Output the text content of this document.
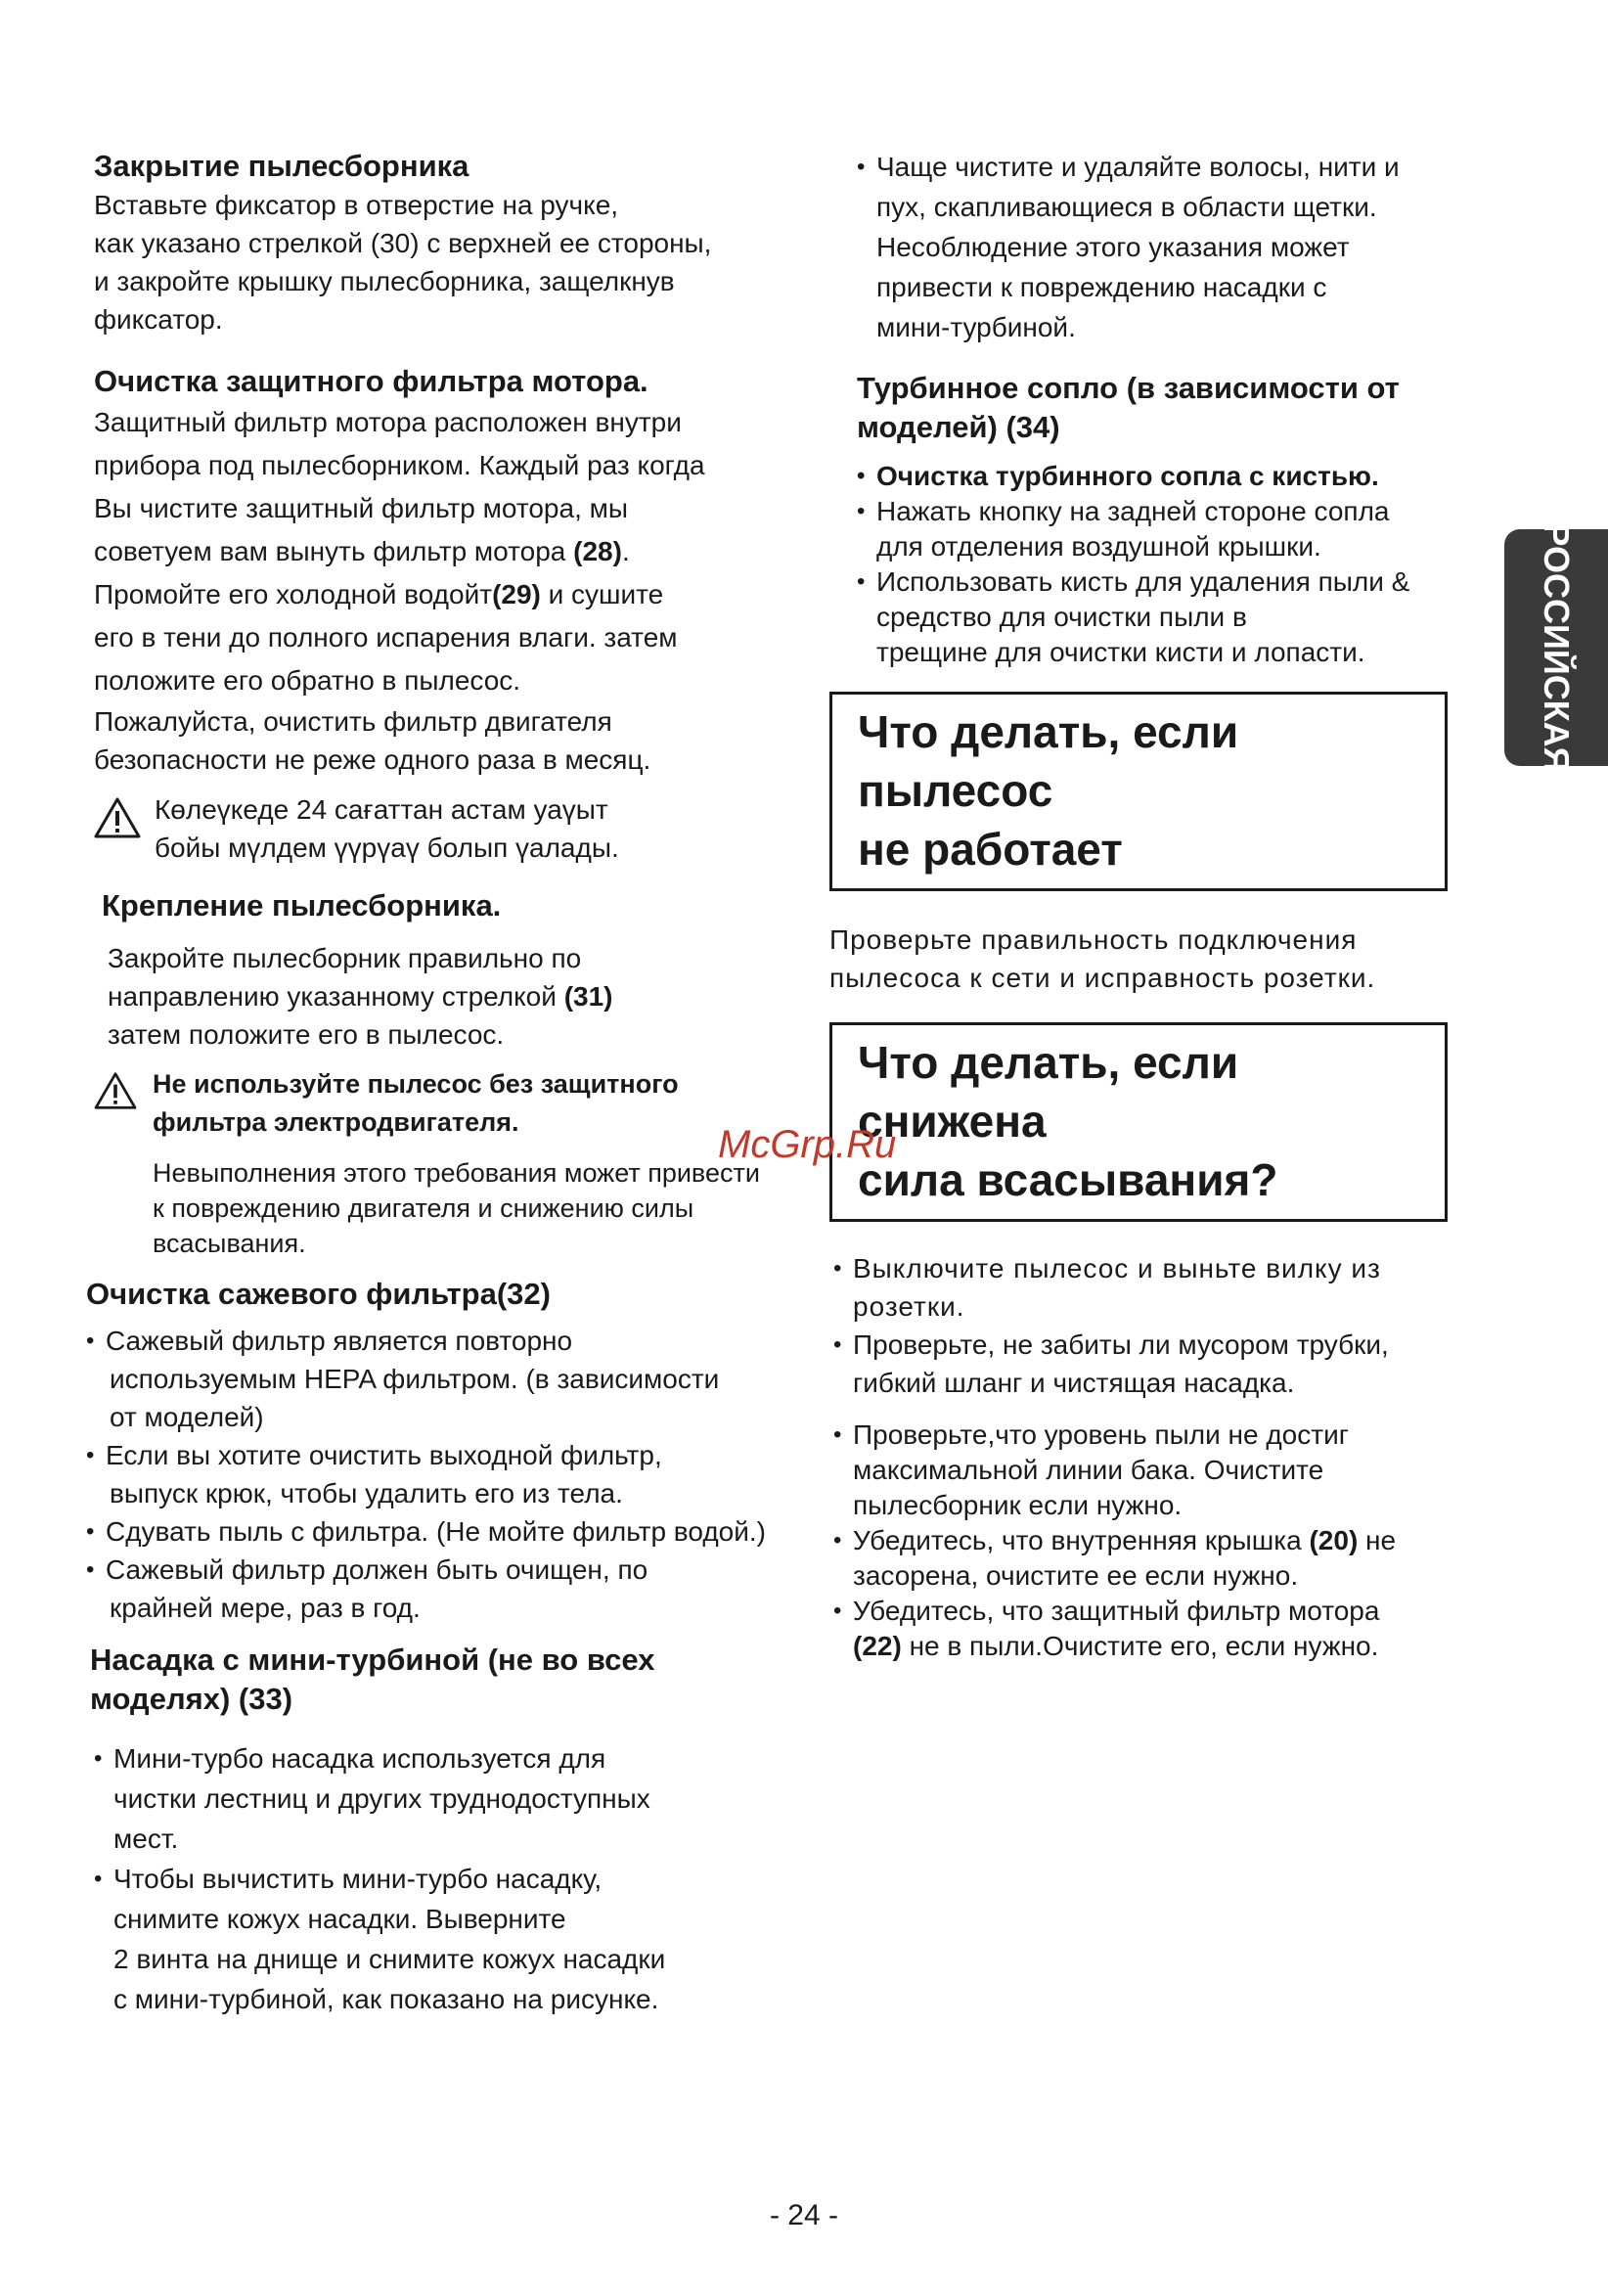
Закрытие пылесборника
Вставьте фиксатор в отверстие на ручке,
как указано стрелкой (30) с верхней ее стороны,
и закройте крышку пылесборника, защелкнув
фиксатор.
Очистка защитного фильтра мотора.
Защитный фильтр мотора расположен внутри
прибора под пылесборником. Каждый раз когда
Вы чистите защитный фильтр мотора, мы
советуем вам вынуть фильтр мотора (28).
Промойте его холодной водойт(29) и сушите
его в тени до полного испарения влаги. затем
положите его обратно в пылесос.
Пожалуйста, очистить фильтр двигателя
безопасности не реже одного раза в месяц.
Көлеүкеде 24 сағаттан астам уаүыт
бойы мүлдем үүрүаү болып үалады.
Крепление пылесборника.
Закройте пылесборник правильно по
направлению указанному стрелкой (31)
затем положите его в пылесос.
Не используйте пылесос без защитного
фильтра электродвигателя.
Невыполнения этого требования может привести
к повреждению двигателя и снижению силы
всасывания.
Очистка сажевого фильтра(32)
• Сажевый фильтр является повторно
используемым HEPA фильтром. (в зависимости
от моделей)
• Если вы хотите очистить выходной фильтр,
выпуск крюк, чтобы удалить его из тела.
• Сдувать пыль с фильтра. (Не мойте фильтр водой.)
• Сажевый фильтр должен быть очищен, по
крайней мере, раз в год.
Насадка с мини-турбиной (не во всех
моделях) (33)
• Мини-турбо насадка используется для
чистки лестниц и других труднодоступных
мест.
• Чтобы вычистить мини-турбо насадку,
снимите кожух насадки. Выверните
2 винта на днище и снимите кожух насадки
с мини-турбиной, как показано на рисунке.
• Чаще чистите и удаляйте волосы, нити и
пух, скапливающиеся в области щетки.
Несоблюдение этого указания может
привести к повреждению насадки с
мини-турбиной.
Турбинное сопло (в зависимости от
моделей) (34)
• Очистка турбинного сопла с кистью.
• Нажать кнопку на задней стороне сопла
для отделения воздушной крышки.
• Использовать кисть для удаления пыли &
средство для очистки пыли в
трещине для очистки кисти и лопасти.
Что делать, если пылесос
не работает
Проверьте правильность подключения
пылесоса к сети и исправность розетки.
Что делать, если снижена
сила всасывания?
• Выключите пылесос и выньте вилку из
розетки.
• Проверьте, не забиты ли мусором трубки,
гибкий шланг и чистящая насадка.
• Проверьте,что уровень пыли не достиг
максимальной линии бака. Очистите
пылесборник если нужно.
• Убедитесь, что внутренняя крышка (20) не
засорена, очистите ее если нужно.
• Убедитесь, что защитный фильтр мотора
(22) не в пыли.Очистите его, если нужно.
РОССИЙСКАЯ
McGrp.Ru
- 24 -
